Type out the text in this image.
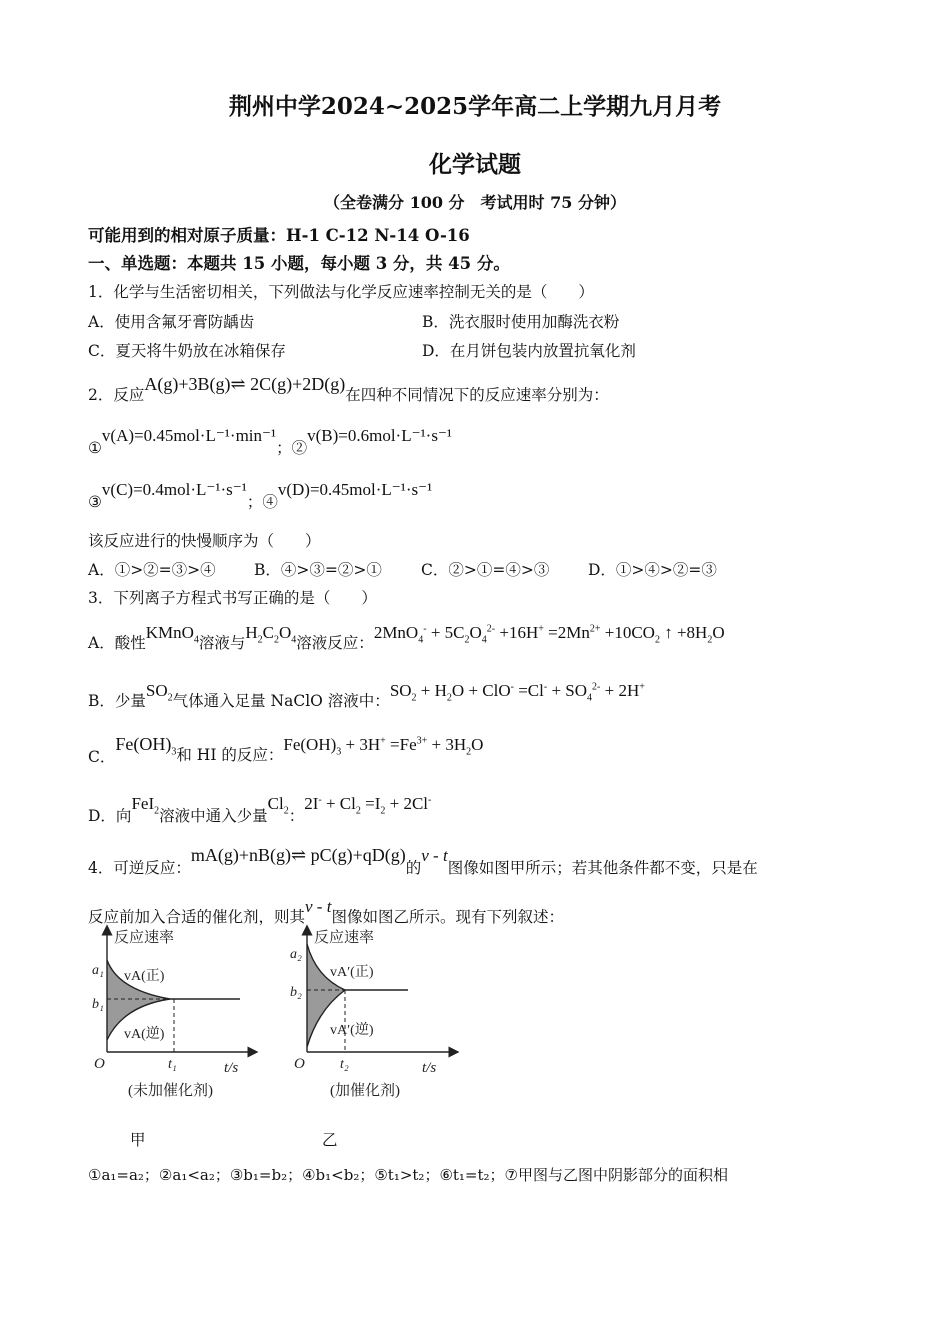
荆州中学2024~2025学年高二上学期九月月考
化学试题
（全卷满分 100 分　考试用时 75 分钟）
可能用到的相对原子质量：H-1 C-12 N-14 O-16
一、单选题：本题共 15 小题，每小题 3 分，共 45 分。
1．化学与生活密切相关，下列做法与化学反应速率控制无关的是（　　）
A．使用含氟牙膏防龋齿	B．洗衣服时使用加酶洗衣粉
C．夏天将牛奶放在冰箱保存	D．在月饼包装内放置抗氧化剂
2．反应A(g)+3B(g)⇌ 2C(g)+2D(g)在四种不同情况下的反应速率分别为：
①v(A)=0.45mol·L⁻¹·min⁻¹；②v(B)=0.6mol·L⁻¹·s⁻¹
③v(C)=0.4mol·L⁻¹·s⁻¹；④v(D)=0.45mol·L⁻¹·s⁻¹
该反应进行的快慢顺序为（　　）
A．①>②=③>④ B．④>③=②>①	C．②>①=④>③ D．①>④>②=③
3．下列离子方程式书写正确的是（　　）
A．酸性KMnO$_4$溶液与$H_2C_2O_4$溶液反应：$2MnO_4^- + 5C_2O_4^{2-} +16H^+ =2Mn^{2+} +10CO_2$ ↑ $+8H_2O$
B．少量$SO_2$气体通入足量 NaClO 溶液中：$SO_2 + H_2O + ClO^- =Cl^- + SO_4^{2-} + 2H^+$
C．$Fe(OH)_3$和 HI 的反应：$Fe(OH)_3 + 3H^+ =Fe^{3+} + 3H_2O$
D．向FeI$_2$溶液中通入少量$Cl_2$：$2I^- + Cl_2 =I_2 + 2Cl^-$
4．可逆反应：mA(g)+nB(g)⇌ pC(g)+qD(g)的v - t图像如图甲所示；若其他条件都不变，只是在
反应前加入合适的催化剂，则其v - t图像如图乙所示。现有下列叙述：
反应速率
a₁
b₁
vA(正)
vA(逆)
O	t₁	t/s
(未加催化剂)
反应速率
a₂
b₂
vA′(正)
vA′(逆)
O	t₂	t/s
(加催化剂)
甲	乙
①a₁=a₂；②a₁<a₂；③b₁=b₂；④b₁<b₂；⑤t₁>t₂；⑥t₁=t₂；⑦甲图与乙图中阴影部分的面积相
